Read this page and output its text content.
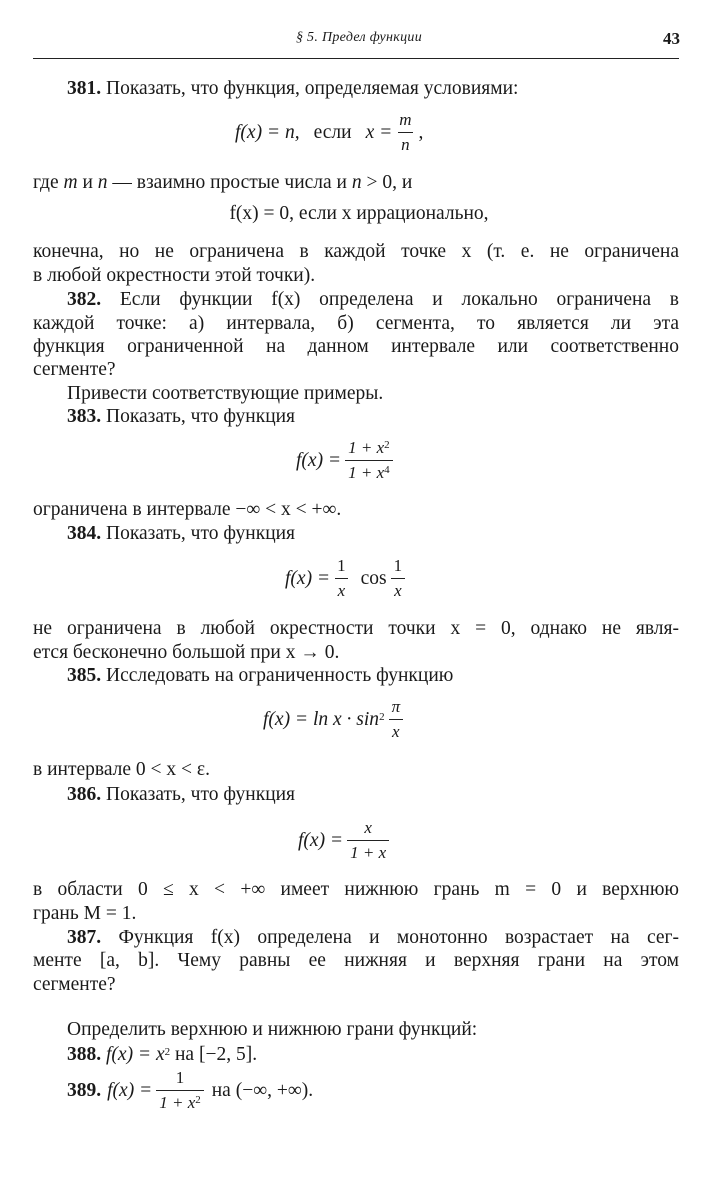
§ 5. Предел функции	43
381. Показать, что функция, определяемая условиями:
f(x) = n, если $x = \frac{m}{n}$ ,
где m и n — взаимно простые числа и n > 0, и
f(x) = 0, если x иррационально,
конечна, но не ограничена в каждой точке x (т. е. не ограничена
в любой окрестности этой точки).
382. Если функции f(x) определена и локально ограничена в
каждой точке: а) интервала, б) сегмента, то является ли эта
функция ограниченной на данном интервале или соответственно
сегменте?
Привести соответствующие примеры.
383. Показать, что функция
$f(x) = \frac{1 + x^2}{1 + x^4}$
ограничена в интервале −∞ < x < +∞.
384. Показать, что функция
$f(x) = \frac{1}{x}$ $\cos \frac{1}{x}$
не ограничена в любой окрестности точки x = 0, однако не явля-
ется бесконечно большой при x → 0.
385. Исследовать на ограниченность функцию
$f(x) = \ln x \cdot \sin^2 \frac{\pi}{x}$
в интервале 0 < x < ε.
386. Показать, что функция
$f(x) = \frac{x}{1 + x}$
в области 0 ≤ x < +∞ имеет нижнюю грань m = 0 и верхнюю
грань M = 1.
387. Функция f(x) определена и монотонно возрастает на сег-
менте [a, b]. Чему равны ее нижняя и верхняя грани на этом
сегменте?
Определить верхнюю и нижнюю грани функций:
388. $f(x) = x^2$ на [−2, 5].
389. $f(x) = \frac{1}{1 + x^2}$ на (−∞, +∞).
